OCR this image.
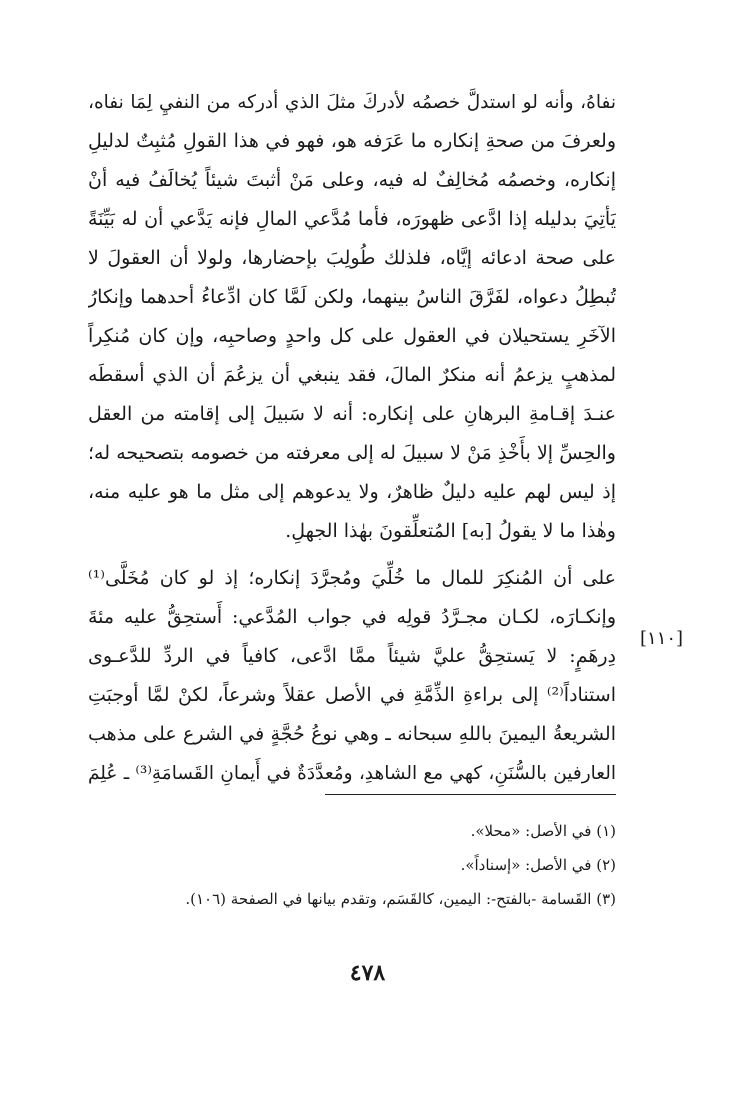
نفاهُ، وأنه لو استدلَّ خصمُه لأدركَ مثلَ الذي أدركه من النفيِ لِمَا نفاه،
ولعرفَ من صحةِ إنكاره ما عَرَفه هو، فهو في هذا القولِ مُثبِتٌ لدليلِ
إنكاره، وخصمُه مُخالِفٌ له فيه، وعلى مَنْ أثبتَ شيئاً يُخالَفُ فيه أنْ
يَأتِيَ بدليله إذا ادَّعى ظهورَه، فأما مُدَّعي المالِ فإنه يَدَّعي أن له بَيِّنَةً
على صحة ادعائه إيَّاه، فلذلك طُولِبَ بإحضارها، ولولا أن العقولَ لا
تُبطِلُ دعواه، لفَرَّقَ الناسُ بينهما، ولكن لَمَّا كان ادِّعاءُ أحدهما وإنكارُ
الآخَرِ يستحيلان في العقول على كل واحدٍ وصاحبِه، وإن كان مُنكِراً
لمذهبٍ يزعمُ أنه منكرٌ المالَ، فقد ينبغي أن يزعُمَ أن الذي أسقطَه
عنـدَ إقـامةِ البرهانِ على إنكاره: أنه لا سَبيلَ إلى إقامته من العقل
والحِسِّ إلا بأَخْذِ مَنْ لا سبيلَ له إلى معرفته من خصومه بتصحيحه له؛
إذ ليس لهم عليه دليلٌ ظاهرٌ، ولا يدعوهم إلى مثل ما هو عليه منه،
وهٰذا ما لا يقولُ [به] المُتعلِّقونَ بهٰذا الجهلِ.
على أن المُنكِرَ للمال ما خُلِّيَ ومُجرَّدَ إنكاره؛ إذ لو كان مُخَلَّى⁽¹⁾
وإنكـارَه، لكـان مجـرَّدُ قولِه في جواب المُدَّعي: أَستحِقُّ عليه مئةَ
دِرهَمٍ: لا يَستحِقُّ عليَّ شيئاً ممَّا ادَّعى، كافياً في الردِّ للدَّعـوى
استناداً⁽²⁾ إلى براءةِ الذِّمَّةِ في الأصل عقلاً وشرعاً، لكنْ لمَّا أوجبَتِ
الشريعةُ اليمينَ باللهِ سبحانه ـ وهي نوعُ حُجَّةٍ في الشرع على مذهب
العارفين بالسُّنَنِ، كهي مع الشاهدِ، ومُعدَّدَةٌ في أَيمانِ القَسامَةِ⁽³⁾ ـ عُلِمَ
[١١٠]
(١) في الأصل: «محلا».
(٢) في الأصل: «إسناداً».
(٣) القَسامة -بالفتح-: اليمين، كالقَسَم، وتقدم بيانها في الصفحة (١٠٦).
٤٧٨
